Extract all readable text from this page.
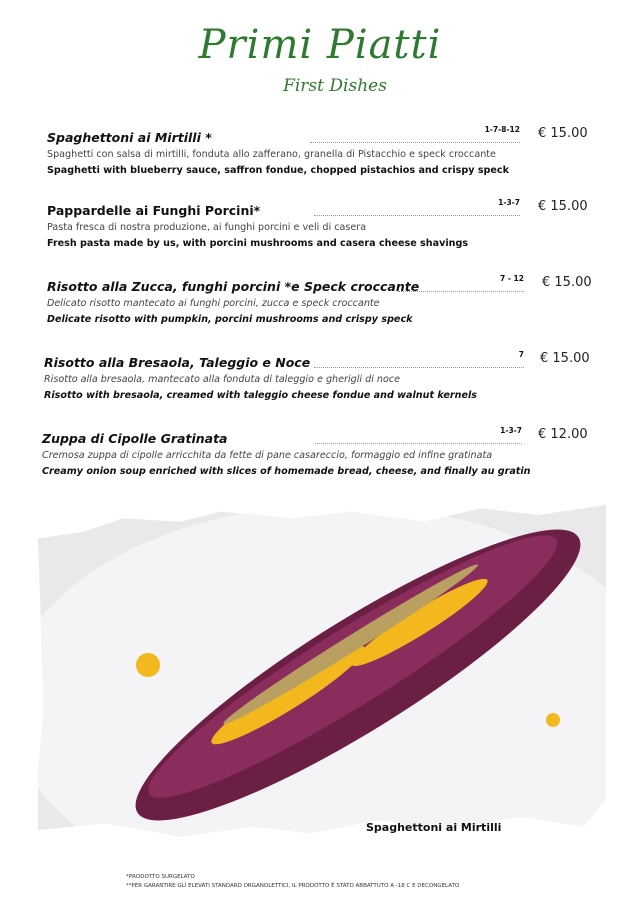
Primi Piatti
First Dishes
Spaghettoni ai Mirtilli *
1-7-8-12 € 15.00
Spaghetti con salsa di mirtilli, fonduta allo zafferano, granella di Pistacchio e speck croccante
Spaghetti with blueberry sauce, saffron fondue, chopped pistachios and crispy speck
Pappardelle ai Funghi Porcini*
1-3-7 € 15.00
Pasta fresca di nostra produzione, ai funghi porcini e veli di casera
Fresh pasta made by us, with porcini mushrooms and casera cheese shavings
Risotto alla Zucca, funghi porcini *e Speck croccante
7 - 12 € 15.00
Delicato risotto mantecato ai funghi porcini, zucca e speck croccante
Delicate risotto with pumpkin, porcini mushrooms and crispy speck
Risotto alla Bresaola, Taleggio e Noce
7 € 15.00
Risotto alla bresaola, mantecato alla fonduta di taleggio e gherigli di noce
Risotto with bresaola, creamed with taleggio cheese fondue and walnut kernels
Zuppa di Cipolle Gratinata
1-3-7 € 12.00
Cremosa zuppa di cipolle arricchita da fette di pane casareccio, formaggio ed infine gratinata
Creamy onion soup enriched with slices of homemade bread, cheese, and finally au gratin
Spaghettoni ai Mirtilli
*PRODOTTO SURGELATO
**PER GARANTIRE GLI ELEVATI STANDARD ORGANOLETTICI, IL PRODOTTO È STATO ABBATTUTO A -18 C E DECONGELATO
